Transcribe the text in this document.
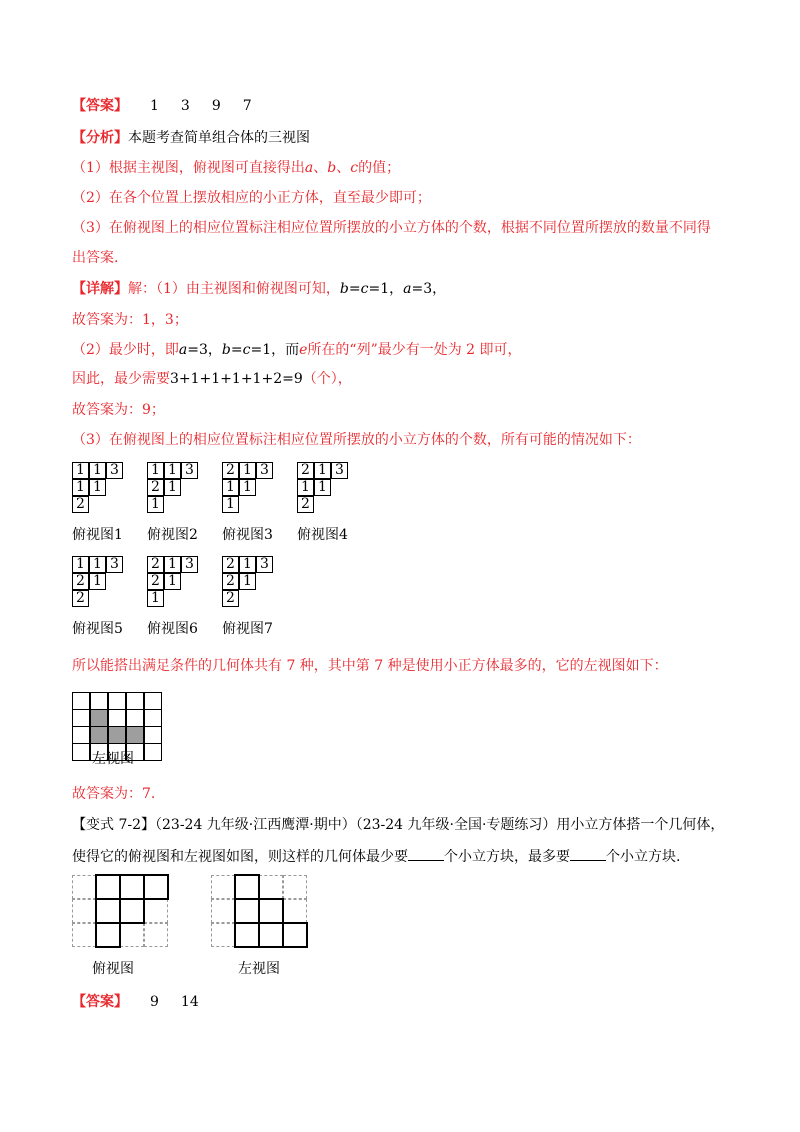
【答案】 1 3 9 7
【分析】本题考查简单组合体的三视图
（1）根据主视图，俯视图可直接得出a、b、c的值；
（2）在各个位置上摆放相应的小正方体，直至最少即可；
（3）在俯视图上的相应位置标注相应位置所摆放的小立方体的个数，根据不同位置所摆放的数量不同得
出答案.
【详解】解：（1）由主视图和俯视图可知，b=c=1，a=3，
故答案为：1，3；
（2）最少时，即a=3，b=c=1，而e所在的“列”最少有一处为 2 即可，
因此，最少需要3+1+1+1+1+2=9（个），
故答案为：9；
（3）在俯视图上的相应位置标注相应位置所摆放的小立方体的个数，所有可能的情况如下：
1 1 3
1 1
2
俯视图1
1 1 3
2 1
1
俯视图2
2 1 3
1 1
1
俯视图3
2 1 3
1 1
2
俯视图4
1 1 3
2 1
2
俯视图5
2 1 3
2 1
1
俯视图6
2 1 3
2 1
2
俯视图7
所以能搭出满足条件的几何体共有 7 种，其中第 7 种是使用小正方体最多的，它的左视图如下：
左视图
故答案为：7.
【变式 7-2】（23-24 九年级·江西鹰潭·期中）（23-24 九年级·全国·专题练习）用小立方体搭一个几何体，
使得它的俯视图和左视图如图，则这样的几何体最少要	个小立方块，最多要	个小立方块.
俯视图	左视图
【答案】 9 14
